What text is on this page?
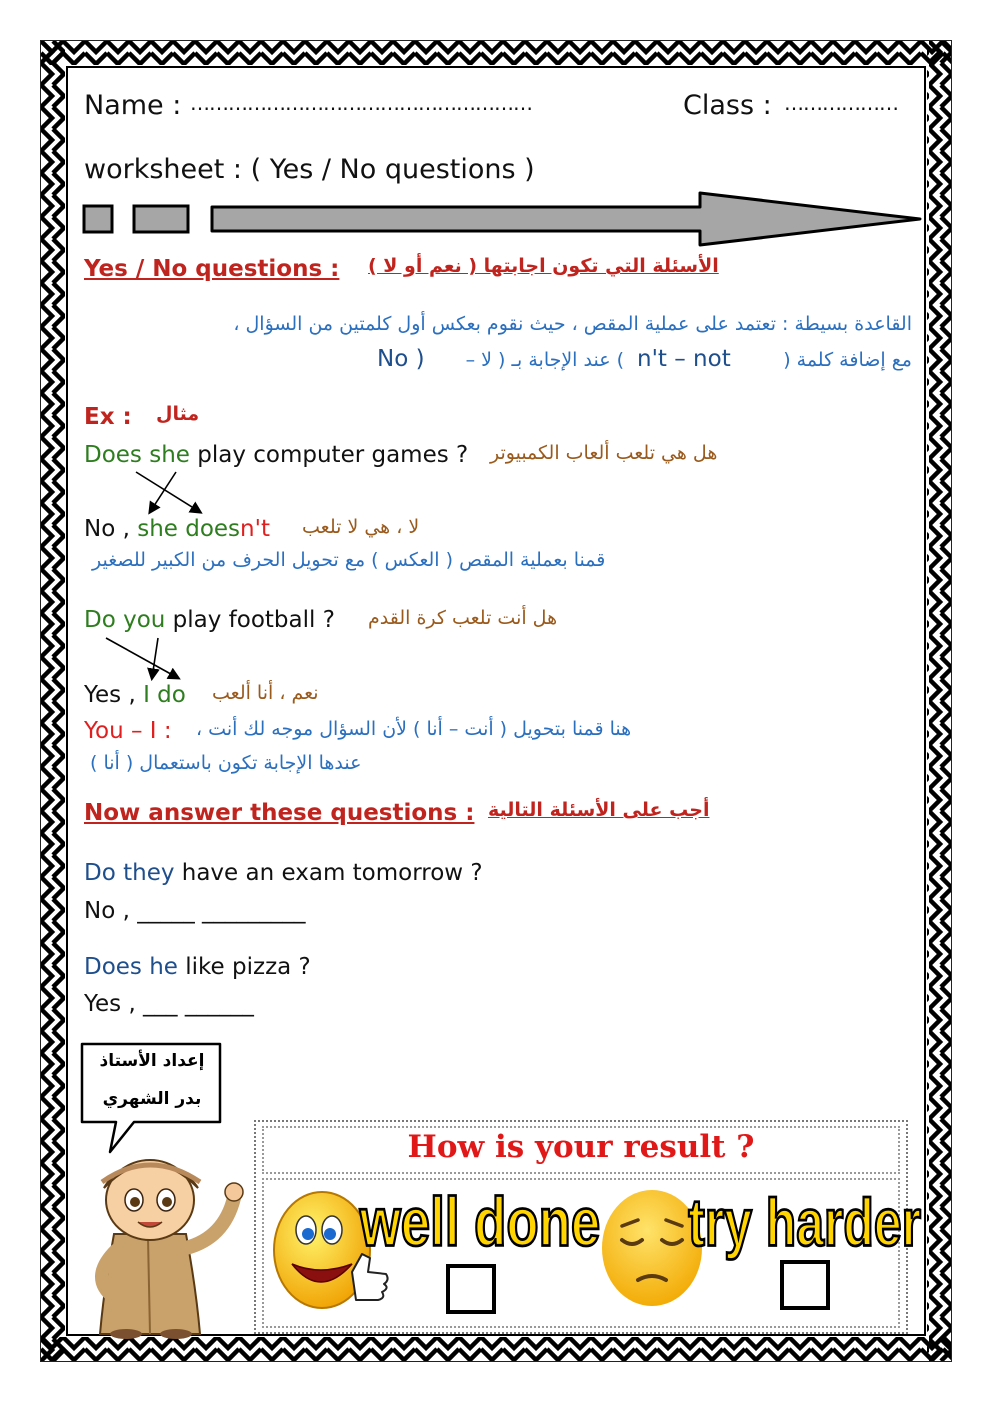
Name : ………………………………………………	Class : ………………
worksheet : ( Yes / No questions )
Yes / No questions : الأسئلة التي تكون اجابتها ( نعم أو لا )
القاعدة بسيطة : تعتمد على عملية المقص ، حيث نقوم بعكس أول كلمتين من السؤال ،
مع إضافة كلمة (
n't – not
) عند الإجابة بـ ( لا –
No )
Ex : مثال
Does she play computer games ? هل هي تلعب ألعاب الكمبيوتر
No , she doesn't لا ، هي لا تلعب
قمنا بعملية المقص ( العكس ) مع تحويل الحرف من الكبير للصغير
Do you play football ? هل أنت تلعب كرة القدم
Yes , I do نعم ، أنا ألعب
You – I : هنا قمنا بتحويل ( أنت – أنا ) لأن السؤال موجه لك أنت ،
عندها الإجابة تكون باستعمال ( أنا )
Now answer these questions : أجب على الأسئلة التالية
Do they have an exam tomorrow ?
No , _____ _________
Does he like pizza ?
Yes , ___ ______
إعداد الأستاذ
بدر الشهري
How is your result ?
well done try harder
